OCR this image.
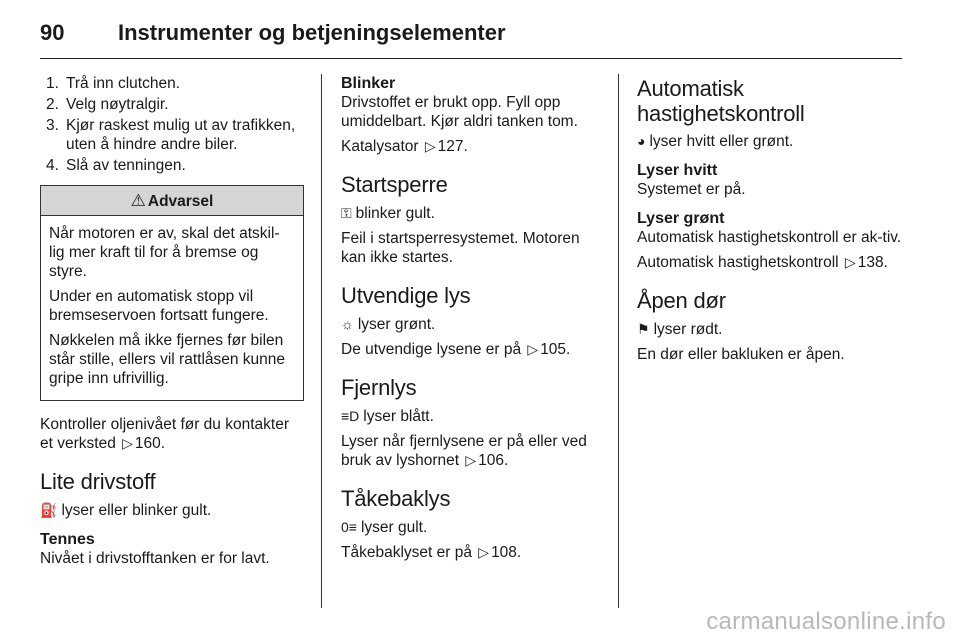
90 Instrumenter og betjeningselementer
1. Trå inn clutchen.
2. Velg nøytralgir.
3. Kjør raskest mulig ut av trafikken, uten å hindre andre biler.
4. Slå av tenningen.
⚠ Advarsel

Når motoren er av, skal det atskil-lig mer kraft til for å bremse og styre.

Under en automatisk stopp vil bremseservoen fortsatt fungere.

Nøkkelen må ikke fjernes før bilen står stille, ellers vil rattlåsen kunne gripe inn ufrivillig.

Kontroller oljenivået før du kontakter et verksted ▷ 160.

Lite drivstoff

⛽ lyser eller blinker gult.

Tennes

Nivået i drivstofftanken er for lavt.

Blinker

Drivstoffet er brukt opp. Fyll opp umiddelbart. Kjør aldri tanken tom.

Katalysator ▷ 127.

Startsperre

⚿ blinker gult.

Feil i startsperresystemet. Motoren kan ikke startes.

Utvendige lys

☼ lyser grønt.

De utvendige lysene er på ▷ 105.

Fjernlys

≡D lyser blått.

Lyser når fjernlysene er på eller ved bruk av lyshornet ▷ 106.

Tåkebaklys

0≡ lyser gult.

Tåkebaklyset er på ▷ 108.

Automatisk
hastighetskontroll

◕ lyser hvitt eller grønt.

Lyser hvitt

Systemet er på.

Lyser grønt

Automatisk hastighetskontroll er ak-tiv.

Automatisk hastighetskontroll ▷ 138.

Åpen dør

⚑ lyser rødt.

En dør eller bakluken er åpen.

carmanualsonline.info
